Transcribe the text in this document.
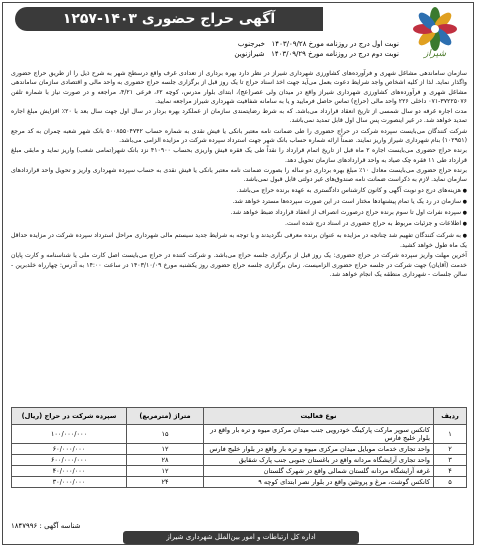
آگهی حراج حضوری ۱۴۰۳-۱۲۵۷
شیراز
نوبت اول درج در روزنامه مورخ ۱۴۰۳/۰۹/۲۸   خبرجنوب
نوبت دوم درج در روزنامه مورخ ۱۴۰۳/۰۹/۲۹   شیرازنوین

سازمان ساماندهی مشاغل شهری و فرآورده‌های کشاورزی شهرداری شیراز در نظر دارد بهره برداری از تعدادی غرف واقع درسطح شهر به شرح ذیل را از طریق حراج حضوری واگذار نماید. لذا از کلیه اشخاص واجد شرایط دعوت بعمل می‌آید جهت اخذ اسناد حراج تا یک روز قبل از برگزاری جلسه حراج حضوری به واحد مالی و اقتصادی سازمان ساماندهی مشاغل شهری و فرآورده‌های کشاورزی شهرداری شیراز واقع در میدان ولی عصر(عج)، ابتدای بلوار مدرس، کوچه ۶۲، فرعی ۴/۲۱، مراجعه و در صورت نیاز با شماره تلفن ۳۷۲۲۵۰۷۶-۰۷۱ داخلی ۲۲۶ واحد مالی (حراج) تماس حاصل فرمایید و یا به سامانه شفافیت شهرداری شیراز مراجعه نمایید.

مدت اجاره غرفه دو سال شمسی از تاریخ انعقاد قرارداد می‌باشد. که به شرط رضایتمندی سازمان از عملکرد بهره بردار در سال اول جهت سال بعد با ۲۰٪ افزایش مبلغ اجاره تمدید خواهد شد. در غیر اینصورت پس سال اول قابل تمدید نمی‌باشد.

شرکت کنندگان می‌بایست سپرده شرکت در حراج حضوری را طی ضمانت نامه معتبر بانکی یا فیش نقدی به شماره حساب ۵۰۰۸۵۵۰۴۷۴۲ بانک شهر شعبه چمران به کد مرجع (۱۰۲۹۵۱) بنام شهرداری شیراز واریز نمایند. ضمناً ارائه شماره حساب بانک شهر جهت استرداد سپرده شرکت در مزایده الزامی می‌باشد.

برنده حراج حضوری می‌بایست اجاره ۲ ماه قبل از تاریخ اتمام قرارداد را نقداً طی یک فقره فیش واریزی بحساب ۴۱۰۹۰۰ نزد بانک شهر(تمامی شعب) واریز نماید و مابقی مبلغ قرارداد طی ۱۱ فقره چک صیاد به واحد قراردادهای سازمان تحویل دهد.

برنده حراج حضوری می‌بایست معادل ۱۰٪ مبلغ بهره برداری دو ساله را بصورت ضمانت نامه معتبر بانکی یا فیش نقدی به حساب سپرده شهرداری واریز و تحویل واحد قراردادهای سازمان نماید. لازم به ذکراست ضمانت نامه صندوق‌های غیر دولتی قابل قبول نمی‌باشد.

● هزینه‌های درج دو نوبت آگهی و کانون کارشناس دادگستری به عهده برنده حراج می‌باشد.

● سازمان در رد یک یا تمام پیشنهادها مختار است در این صورت سپرده‌ها مسترد خواهد شد.

● سپرده نفرات اول تا سوم برنده حراج درصورت انصراف از انعقاد قرارداد ضبط خواهد شد.

● اطلاعات و جزئیات مربوط به حراج حضوری در اسناد درج شده است.

● به شرکت کنندگان تفهیم شد چنانچه در مزایده به عنوان برنده معرفی نگردیدند و یا توجه به شرایط جدید سیستم مالی شهرداری مراحل استرداد سپرده شرکت در مزایده حداقل یک ماه طول خواهد کشید.

آخرین مهلت واریز سپرده شرکت در حراج حضوری: یک روز قبل از برگزاری جلسه حراج می‌باشد. و شرکت کننده در حراج می‌بایست اصل کارت ملی یا شناسنامه و کارت پایان خدمت (آقایان) جهت شرکت در جلسه حراج حضوری الزامیست. زمان برگزاری جلسه حراج حضوری روز یکشنبه مورخ ۱۴۰۳/۱۰/۰۹ در ساعت ۱۴:۰۰ به آدرس: چهارراه خلدبرین - سالن جلسات - شهرداری منطقه یک انجام خواهد شد.

ردیف	نوع فعالیت	متراژ (مترمربع)	سپرده شرکت در حراج (ریال)
۱	کانکس سوپر مارکت پارکینگ خودرویی جنب میدان مرکزی میوه و تره بار واقع در بلوار خلیج فارس	۱۵	۱۰۰/۰۰۰/۰۰۰
۲	واحد تجاری خدمات موبایل میدان مرکزی میوه و تره بار واقع در بلوار خلیج فارس	۱۲	۶۰/۰۰۰/۰۰۰
۳	واحد تجاری آرایشگاه مردانه واقع در باغستان جنوبی جنب پارک شقایق	۲۸	۶۰۰/۰۰۰/۰۰۰
۴	غرفه آرایشگاه مردانه گلستان شمالی واقع در شهرک گلستان	۱۲	۴۰/۰۰۰/۰۰۰
۵	کانکس گوشت، مرغ و پروتئین واقع در بلوار نصر ابتدای کوچه ۹	۲۴	۳۰/۰۰۰/۰۰۰
شناسه آگهی : ۱۸۴۷۹۹۶
اداره کل ارتباطات و امور بین‌الملل شهرداری شیراز
